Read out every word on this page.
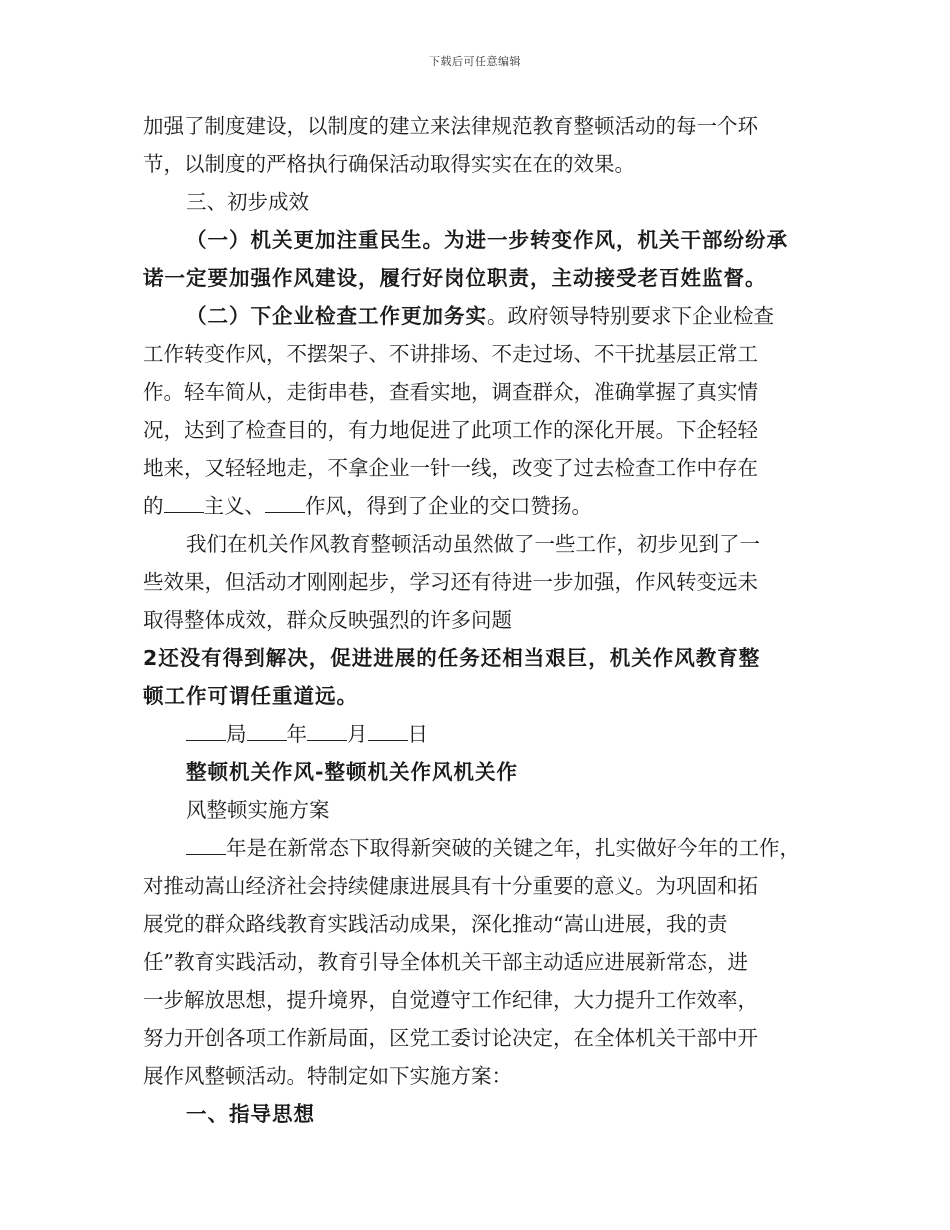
下载后可任意编辑
加强了制度建设，以制度的建立来法律规范教育整顿活动的每一个环
节，以制度的严格执行确保活动取得实实在在的效果。
三、初步成效
（一）机关更加注重民生。为进一步转变作风，机关干部纷纷承
诺一定要加强作风建设，履行好岗位职责，主动接受老百姓监督。
（二）下企业检查工作更加务实。政府领导特别要求下企业检查
工作转变作风，不摆架子、不讲排场、不走过场、不干扰基层正常工
作。轻车简从，走街串巷，查看实地，调查群众，准确掌握了真实情
况，达到了检查目的，有力地促进了此项工作的深化开展。下企轻轻
地来，又轻轻地走，不拿企业一针一线，改变了过去检查工作中存在
的 主义、 作风，得到了企业的交口赞扬。
我们在机关作风教育整顿活动虽然做了一些工作，初步见到了一
些效果，但活动才刚刚起步，学习还有待进一步加强，作风转变远未
取得整体成效，群众反映强烈的许多问题
2还没有得到解决，促进进展的任务还相当艰巨，机关作风教育整
顿工作可谓任重道远。
局 年 月 日
整顿机关作风-整顿机关作风机关作
风整顿实施方案
年是在新常态下取得新突破的关键之年，扎实做好今年的工作，
对推动嵩山经济社会持续健康进展具有十分重要的意义。为巩固和拓
展党的群众路线教育实践活动成果，深化推动“嵩山进展，我的责
任”教育实践活动，教育引导全体机关干部主动适应进展新常态，进
一步解放思想，提升境界，自觉遵守工作纪律，大力提升工作效率，
努力开创各项工作新局面，区党工委讨论决定，在全体机关干部中开
展作风整顿活动。特制定如下实施方案：
一、指导思想
